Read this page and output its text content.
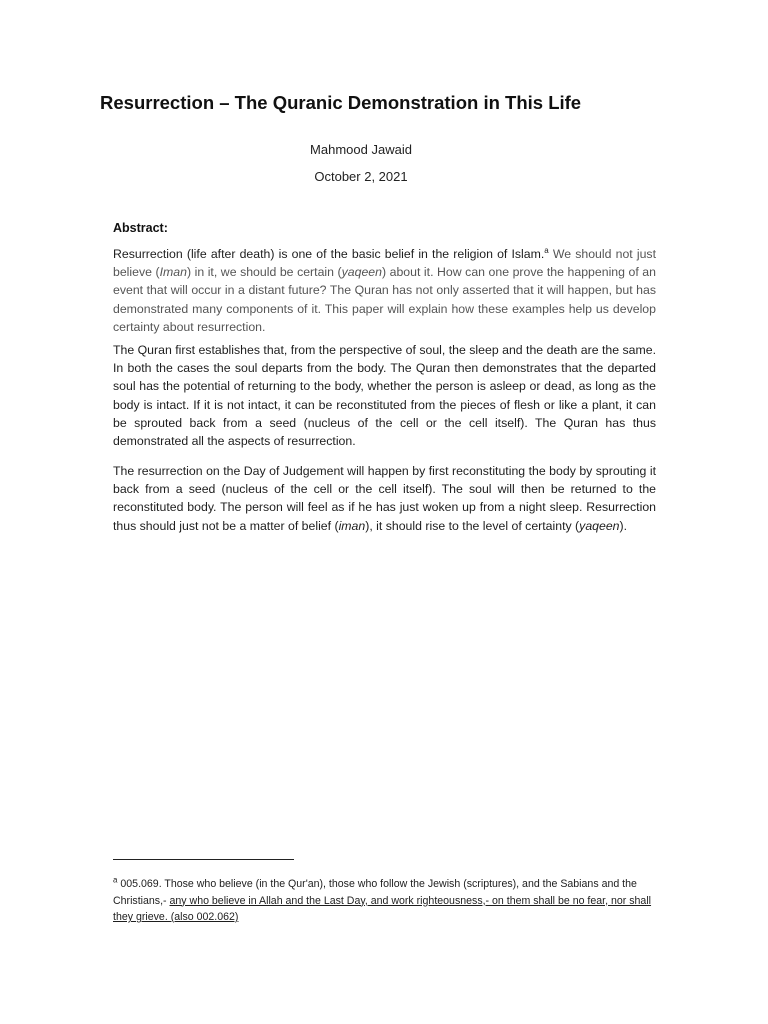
Resurrection – The Quranic Demonstration in This Life
Mahmood Jawaid
October 2, 2021
Abstract:

Resurrection (life after death) is one of the basic belief in the religion of Islam.$^a$ We should not just believe (Iman) in it, we should be certain (yaqeen) about it. How can one prove the happening of an event that will occur in a distant future? The Quran has not only asserted that it will happen, but has demonstrated many components of it. This paper will explain how these examples help us develop certainty about resurrection.

The Quran first establishes that, from the perspective of soul, the sleep and the death are the same. In both the cases the soul departs from the body. The Quran then demonstrates that the departed soul has the potential of returning to the body, whether the person is asleep or dead, as long as the body is intact. If it is not intact, it can be reconstituted from the pieces of flesh or like a plant, it can be sprouted back from a seed (nucleus of the cell or the cell itself). The Quran has thus demonstrated all the aspects of resurrection.

The resurrection on the Day of Judgement will happen by first reconstituting the body by sprouting it back from a seed (nucleus of the cell or the cell itself). The soul will then be returned to the reconstituted body. The person will feel as if he has just woken up from a night sleep. Resurrection thus should just not be a matter of belief (iman), it should rise to the level of certainty (yaqeen).

$^a$ 005.069. Those who believe (in the Qur'an), those who follow the Jewish (scriptures), and the Sabians and the Christians,- any who believe in Allah and the Last Day, and work righteousness,- on them shall be no fear, nor shall they grieve. (also 002.062)
